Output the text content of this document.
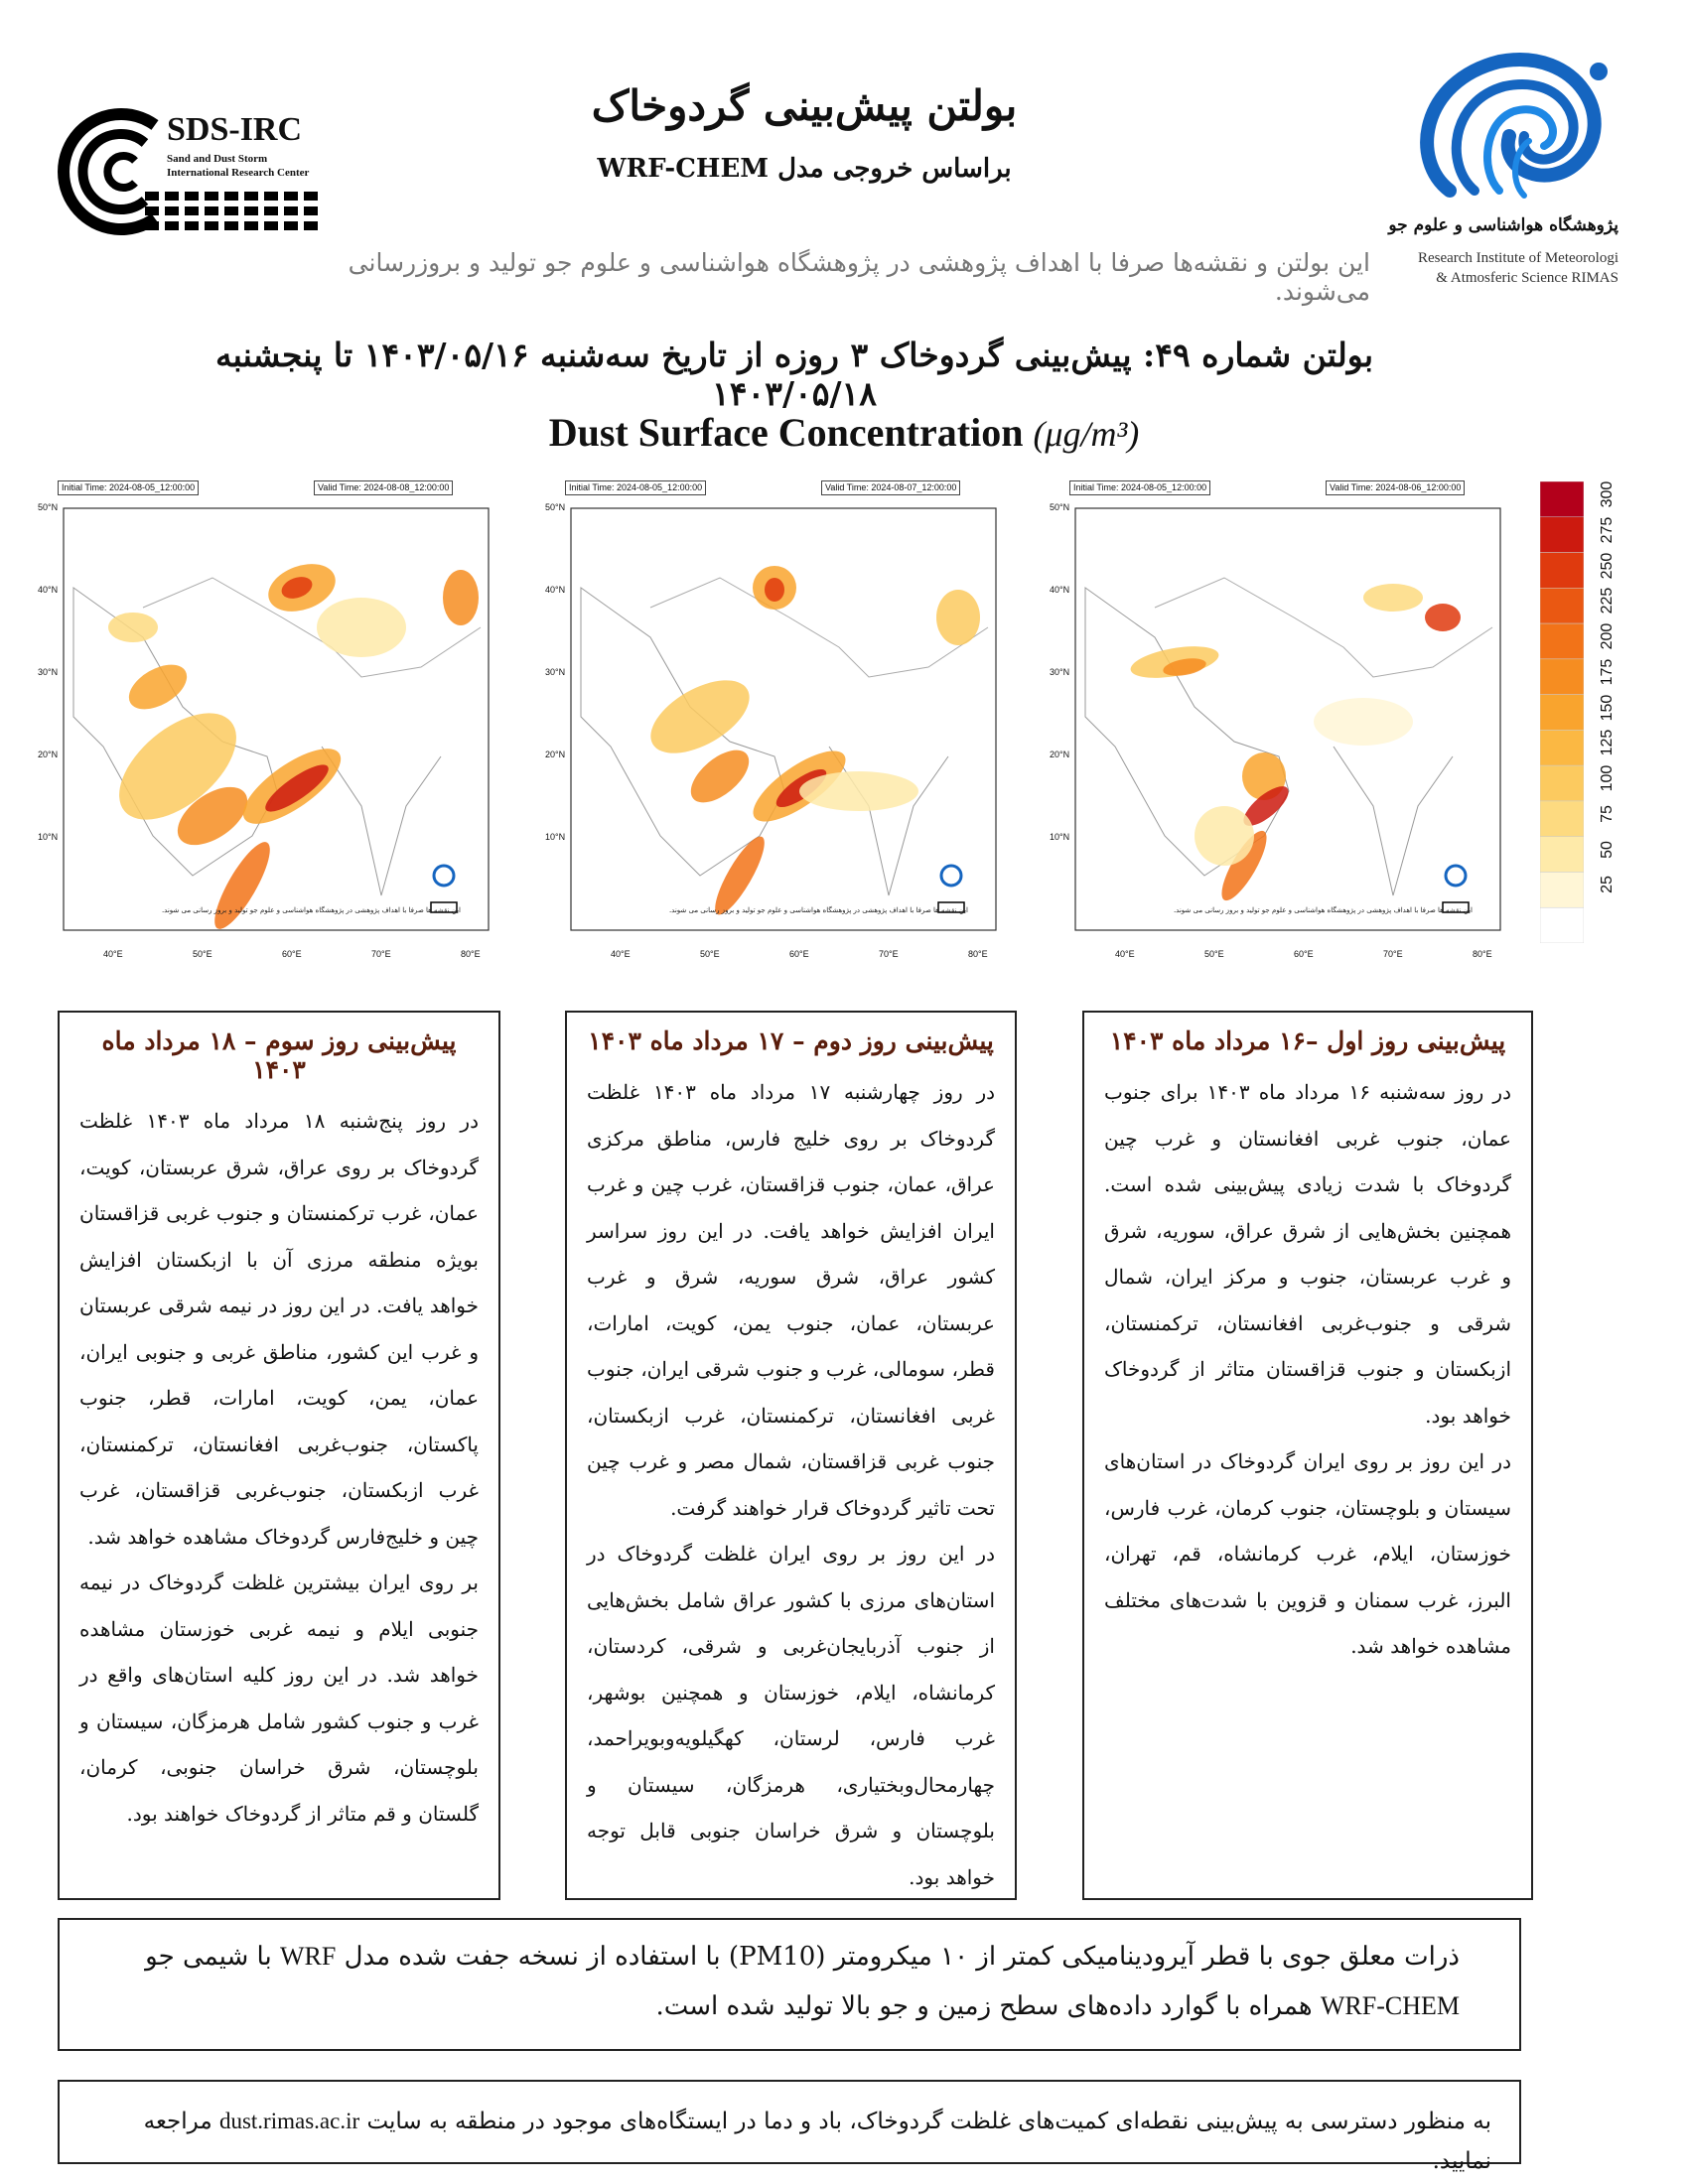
SDS-IRC
Sand and Dust Storm
International Research Center
بولتن پیش‌بینی گردوخاک
براساس خروجی مدل WRF-CHEM
پژوهشگاه هواشناسی و علوم جو
Research Institute of Meteorologi
& Atmosferic Science RIMAS
این بولتن و نقشه‌ها صرفا با اهداف پژوهشی در پژوهشگاه هواشناسی و علوم جو تولید و بروزرسانی می‌شوند.
بولتن شماره ۴۹: پیش‌بینی گردوخاک ۳ روزه از تاریخ سه‌شنبه ۱۴۰۳/۰۵/۱۶ تا پنجشنبه ۱۴۰۳/۰۵/۱۸
Dust Surface Concentration (μg/m³)
Initial Time: 2024-08-05_12:00:00	Valid Time: 2024-08-08_12:00:00
50°N
40°N
30°N
20°N
10°N
40°E	50°E	60°E	70°E	80°E
این نقشه ها صرفا با اهداف پژوهشی در پژوهشگاه هواشناسی و علوم جو تولید و بروز رسانی می شوند.
Initial Time: 2024-08-05_12:00:00	Valid Time: 2024-08-07_12:00:00
50°N
40°N
30°N
20°N
10°N
40°E	50°E	60°E	70°E	80°E
این نقشه ها صرفا با اهداف پژوهشی در پژوهشگاه هواشناسی و علوم جو تولید و بروز رسانی می شوند.
Initial Time: 2024-08-05_12:00:00	Valid Time: 2024-08-06_12:00:00
50°N
40°N
30°N
20°N
10°N
40°E	50°E	60°E	70°E	80°E
این نقشه ها صرفا با اهداف پژوهشی در پژوهشگاه هواشناسی و علوم جو تولید و بروز رسانی می شوند.
300
275
250
225
200
175
150
125
100
75
50
25
پیش‌بینی روز سوم – ۱۸ مرداد ماه ۱۴۰۳

در روز پنج‌شنبه ۱۸ مرداد ماه ۱۴۰۳ غلظت گردوخاک بر روی عراق، شرق عربستان، کویت، عمان، غرب ترکمنستان و جنوب غربی قزاقستان بویژه منطقه مرزی آن با ازبکستان افزایش خواهد یافت. در این روز در نیمه شرقی عربستان و غرب این کشور، مناطق غربی و جنوبی ایران، عمان، یمن، کویت، امارات، قطر، جنوب پاکستان، جنوب‌غربی افغانستان، ترکمنستان، غرب ازبکستان، جنوب‌غربی قزاقستان، غرب چین و خلیج‌فارس گردوخاک مشاهده خواهد شد.

بر روی ایران بیشترین غلظت گردوخاک در نیمه جنوبی ایلام و نیمه غربی خوزستان مشاهده خواهد شد. در این روز کلیه استان‌های واقع در غرب و جنوب کشور شامل هرمزگان، سیستان و بلوچستان، شرق خراسان جنوبی، کرمان، گلستان و قم متاثر از گردوخاک خواهند بود.

پیش‌بینی روز دوم – ۱۷ مرداد ماه ۱۴۰۳

در روز چهارشنبه ۱۷ مرداد ماه ۱۴۰۳ غلظت گردوخاک بر روی خلیج فارس، مناطق مرکزی عراق، عمان، جنوب قزاقستان، غرب چین و غرب ایران افزایش خواهد یافت. در این روز سراسر کشور عراق، شرق سوریه، شرق و غرب عربستان، عمان، جنوب یمن، کویت، امارات، قطر، سومالی، غرب و جنوب شرقی ایران، جنوب غربی افغانستان، ترکمنستان، غرب ازبکستان، جنوب غربی قزاقستان، شمال مصر و غرب چین تحت تاثیر گردوخاک قرار خواهند گرفت.

در این روز بر روی ایران غلظت گردوخاک در استان‌های مرزی با کشور عراق شامل بخش‌هایی از جنوب آذربایجان‌غربی و شرقی، کردستان، کرمانشاه، ایلام، خوزستان و همچنین بوشهر، غرب فارس، لرستان، کهگیلویه‌وبویراحمد، چهارمحال‌وبختیاری، هرمزگان، سیستان و بلوچستان و شرق خراسان جنوبی قابل توجه خواهد بود.

پیش‌بینی روز اول –۱۶ مرداد ماه ۱۴۰۳

در روز سه‌شنبه ۱۶ مرداد ماه ۱۴۰۳ برای جنوب عمان، جنوب غربی افغانستان و غرب چین گردوخاک با شدت زیادی پیش‌بینی شده است. همچنین بخش‌هایی از شرق عراق، سوریه، شرق و غرب عربستان، جنوب و مرکز ایران، شمال شرقی و جنوب‌غربی افغانستان، ترکمنستان، ازبکستان و جنوب قزاقستان متاثر از گردوخاک خواهد بود.

در این روز بر روی ایران گردوخاک در استان‌های سیستان و بلوچستان، جنوب کرمان، غرب فارس، خوزستان، ایلام، غرب کرمانشاه، قم، تهران، البرز، غرب سمنان و قزوین با شدت‌های مختلف مشاهده خواهد شد.

ذرات معلق جوی با قطر آیرودینامیکی کمتر از ۱۰ میکرومتر (PM10) با استفاده از نسخه جفت شده مدل WRF با شیمی جو
WRF-CHEM همراه با گوارد داده‌های سطح زمین و جو بالا تولید شده است.
به منظور دسترسی به پیش‌بینی نقطه‌ای کمیت‌های غلظت گردوخاک، باد و دما در ایستگاه‌های موجود در منطقه به سایت dust.rimas.ac.ir مراجعه نمایید.
